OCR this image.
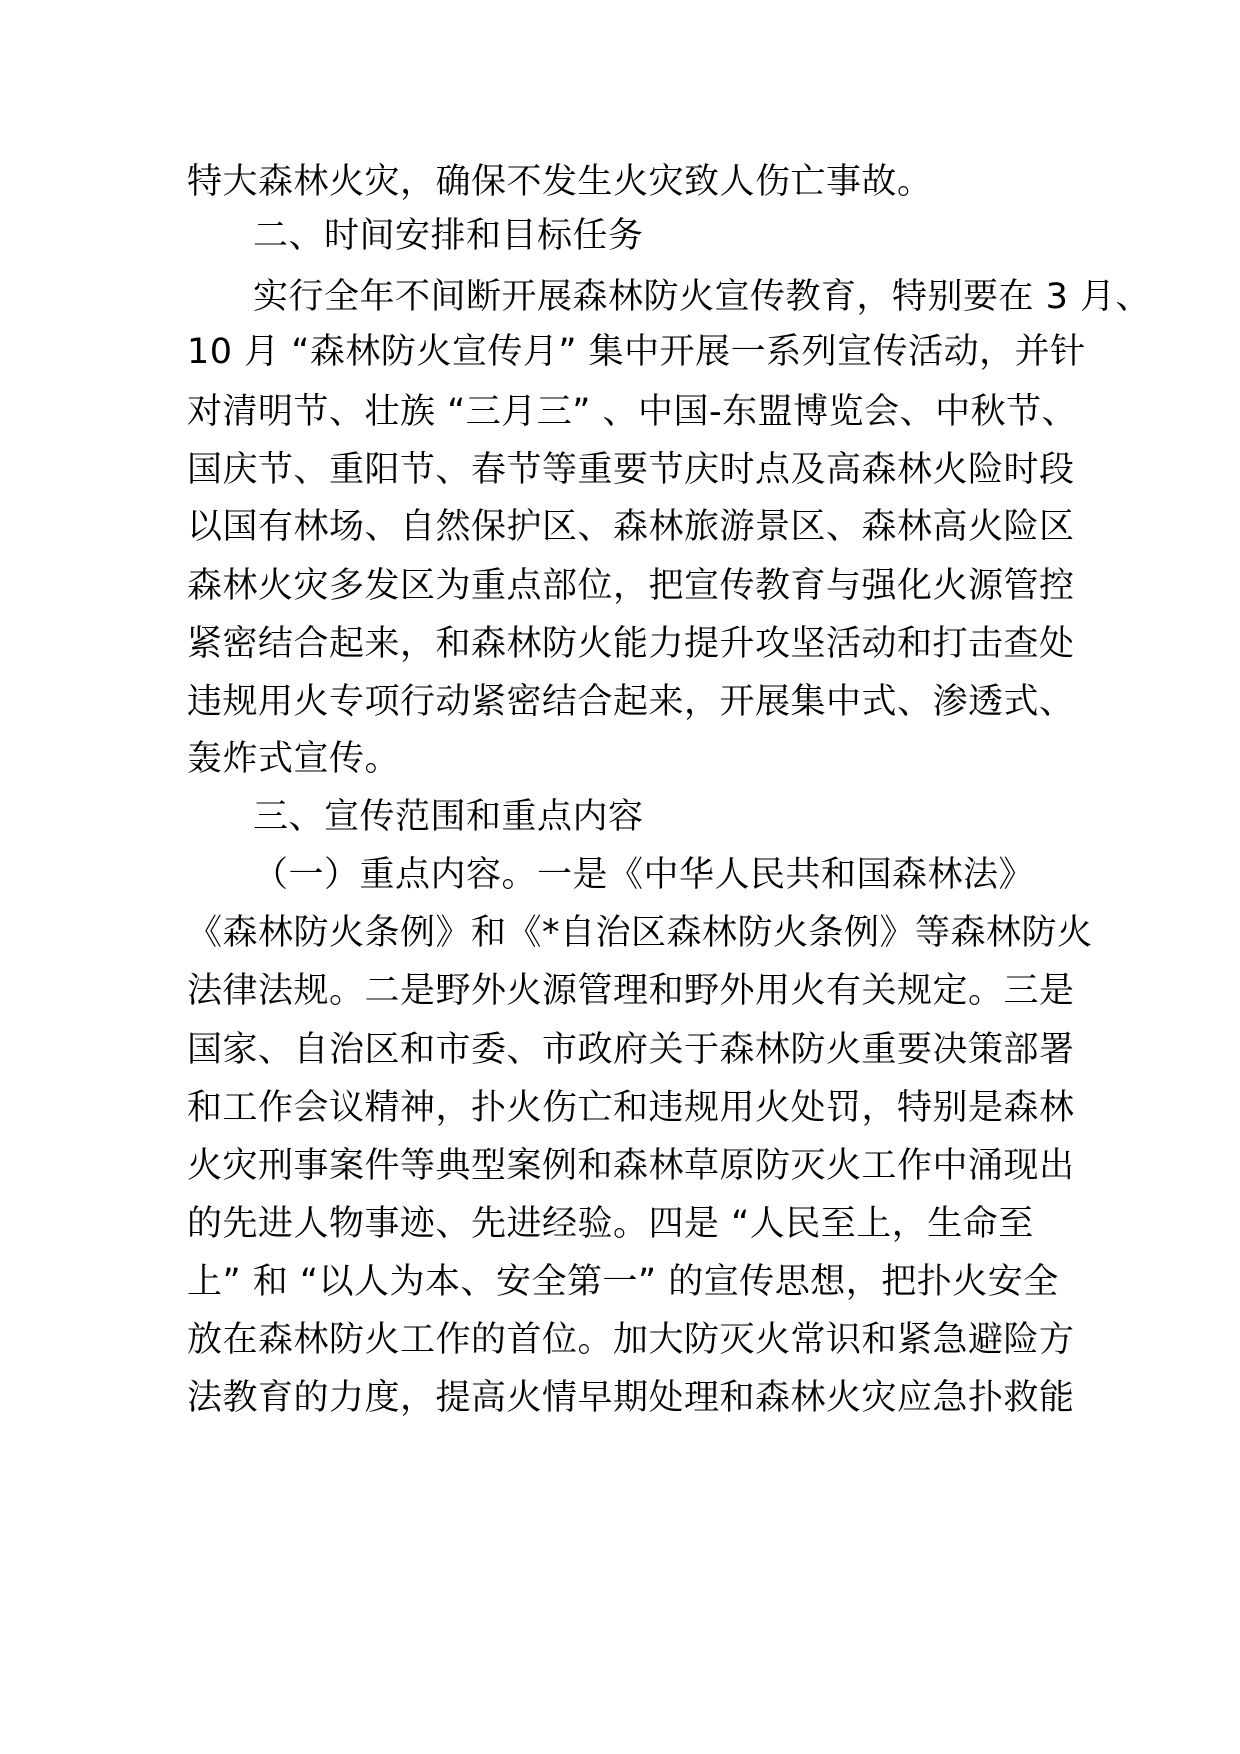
特大森林火灾，确保不发生火灾致人伤亡事故。
二、时间安排和目标任务
实行全年不间断开展森林防火宣传教育，特别要在 3 月、
10 月 “森林防火宣传月” 集中开展一系列宣传活动，并针
对清明节、壮族 “三月三” 、中国-东盟博览会、中秋节、
国庆节、重阳节、春节等重要节庆时点及高森林火险时段
以国有林场、自然保护区、森林旅游景区、森林高火险区
森林火灾多发区为重点部位，把宣传教育与强化火源管控
紧密结合起来，和森林防火能力提升攻坚活动和打击查处
违规用火专项行动紧密结合起来，开展集中式、渗透式、
轰炸式宣传。
三、宣传范围和重点内容
（一）重点内容。一是《中华人民共和国森林法》
《森林防火条例》和《*自治区森林防火条例》等森林防火
法律法规。二是野外火源管理和野外用火有关规定。三是
国家、自治区和市委、市政府关于森林防火重要决策部署
和工作会议精神，扑火伤亡和违规用火处罚，特别是森林
火灾刑事案件等典型案例和森林草原防灭火工作中涌现出
的先进人物事迹、先进经验。四是 “人民至上，生命至
上” 和 “以人为本、安全第一” 的宣传思想，把扑火安全
放在森林防火工作的首位。加大防灭火常识和紧急避险方
法教育的力度，提高火情早期处理和森林火灾应急扑救能
